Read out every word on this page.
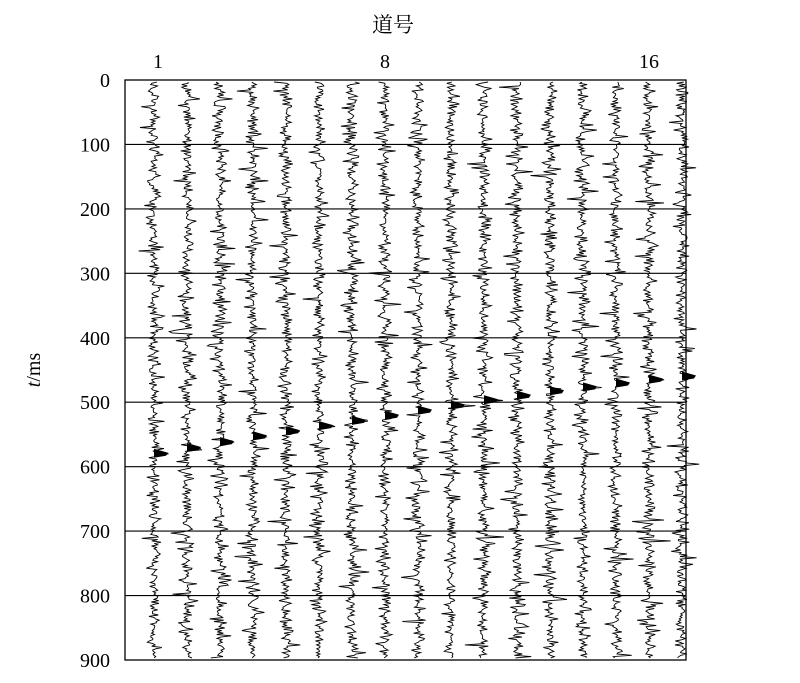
道号
t/ms
0
100
200
300
400
500
600
700
800
900
1	8	16
